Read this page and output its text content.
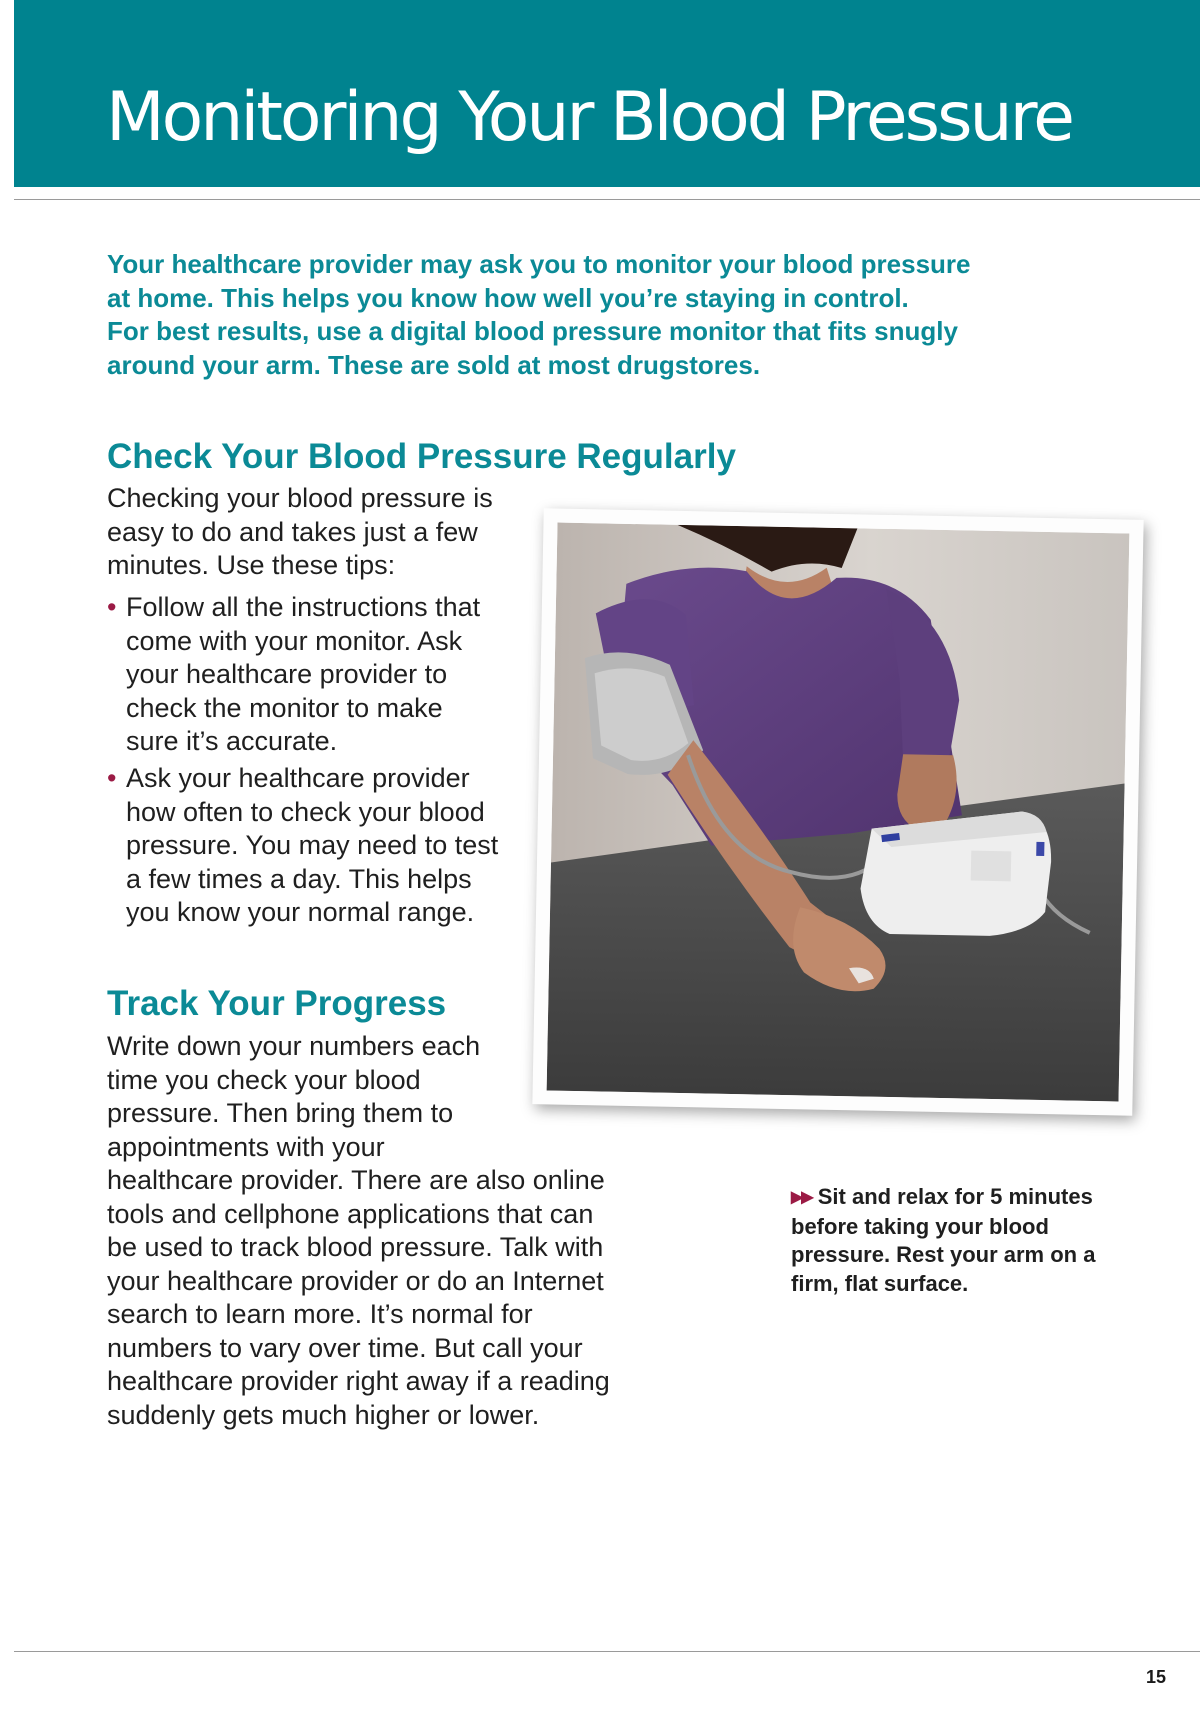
Monitoring Your Blood Pressure

Your healthcare provider may ask you to monitor your blood pressure
at home. This helps you know how well you’re staying in control.
For best results, use a digital blood pressure monitor that fits snugly
around your arm. These are sold at most drugstores.

Check Your Blood Pressure Regularly

Checking your blood pressure is
easy to do and takes just a few
minutes. Use these tips:

• Follow all the instructions that
come with your monitor. Ask
your healthcare provider to
check the monitor to make
sure it’s accurate.
• Ask your healthcare provider
how often to check your blood
pressure. You may need to test
a few times a day. This helps
you know your normal range.
Track Your Progress

Write down your numbers each
time you check your blood
pressure. Then bring them to
appointments with your
healthcare provider. There are also online
tools and cellphone applications that can
be used to track blood pressure. Talk with
your healthcare provider or do an Internet
search to learn more. It’s normal for
numbers to vary over time. But call your
healthcare provider right away if a reading
suddenly gets much higher or lower.

▶▶ Sit and relax for 5 minutes
before taking your blood
pressure. Rest your arm on a
firm, flat surface.

15
